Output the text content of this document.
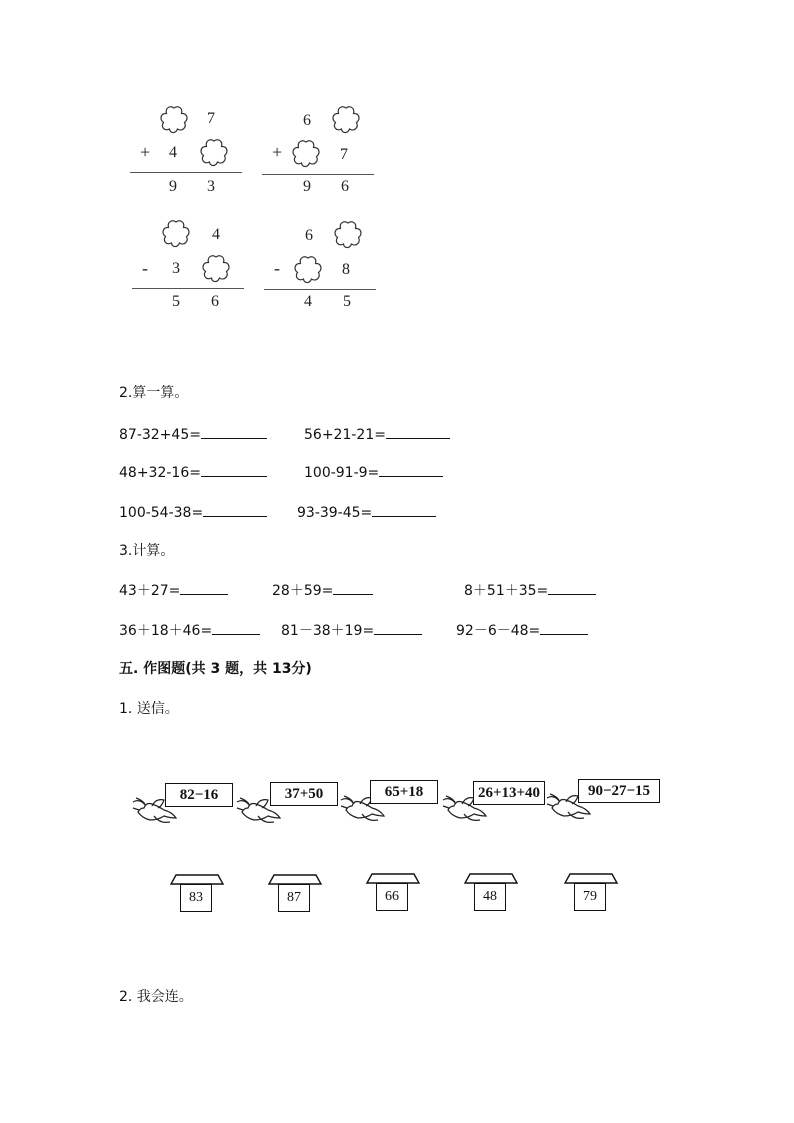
7
+ 4
9 3
6
+	7
9 6
4
- 3
5 6
6
-	8
4 5
2.算一算。
87-32+45=	56+21-21=
48+32-16=	100-91-9=
100-54-38=	93-39-45=
3.计算。
43＋27=	28＋59=	8＋51＋35=
36＋18＋46=	81－38＋19=	92－6－48=
五. 作图题(共 3 题，共 13分)
1. 送信。
82−16	37+50	65+18	26+13+40	90−27−15
83	87	66	48	79
2. 我会连。
